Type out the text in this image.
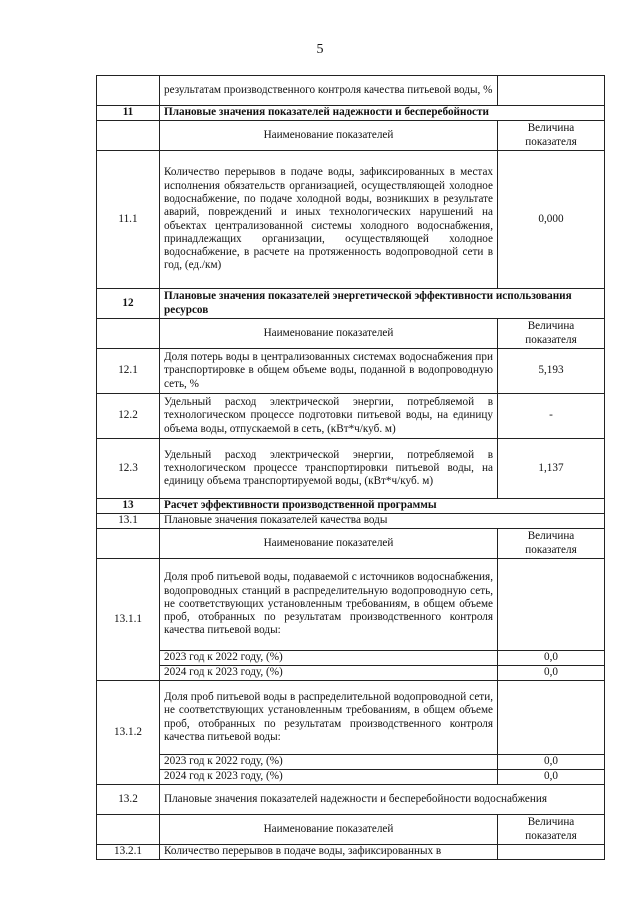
5
	результатам производственного контроля качества питьевой воды, %	
11	Плановые значения показателей надежности и бесперебойности	
	Наименование показателей	Величина показателя
11.1	Количество перерывов в подаче воды, зафиксированных в местах исполнения обязательств организацией, осуществляющей холодное водоснабжение, по подаче холодной воды, возникших в результате аварий, повреждений и иных технологических нарушений на объектах централизованной системы холодного водоснабжения, принадлежащих организации, осуществляющей холодное водоснабжение, в расчете на протяженность водопроводной сети в год, (ед./км)	0,000
12	Плановые значения показателей энергетической эффективности использования ресурсов	
	Наименование показателей	Величина показателя
12.1	Доля потерь воды в централизованных системах водоснабжения при транспортировке в общем объеме воды, поданной в водопроводную сеть, %	5,193
12.2	Удельный расход электрической энергии, потребляемой в технологическом процессе подготовки питьевой воды, на единицу объема воды, отпускаемой в сеть, (кВт*ч/куб. м)	-
12.3	Удельный расход электрической энергии, потребляемой в технологическом процессе транспортировки питьевой воды, на единицу объема транспортируемой воды, (кВт*ч/куб. м)	1,137
13	Расчет эффективности производственной программы	
13.1	Плановые значения показателей качества воды	
	Наименование показателей	Величина показателя
13.1.1	Доля проб питьевой воды, подаваемой с источников водоснабжения, водопроводных станций в распределительную водопроводную сеть, не соответствующих установленным требованиям, в общем объеме проб, отобранных по результатам производственного контроля качества питьевой воды:	
	2023 год к 2022 году, (%)	0,0
	2024 год к 2023 году, (%)	0,0
13.1.2	Доля проб питьевой воды в распределительной водопроводной сети, не соответствующих установленным требованиям, в общем объеме проб, отобранных по результатам производственного контроля качества питьевой воды:	
	2023 год к 2022 году, (%)	0,0
	2024 год к 2023 году, (%)	0,0
13.2	Плановые значения показателей надежности и бесперебойности водоснабжения	
	Наименование показателей	Величина показателя
13.2.1	Количество перерывов в подаче воды, зафиксированных в	
